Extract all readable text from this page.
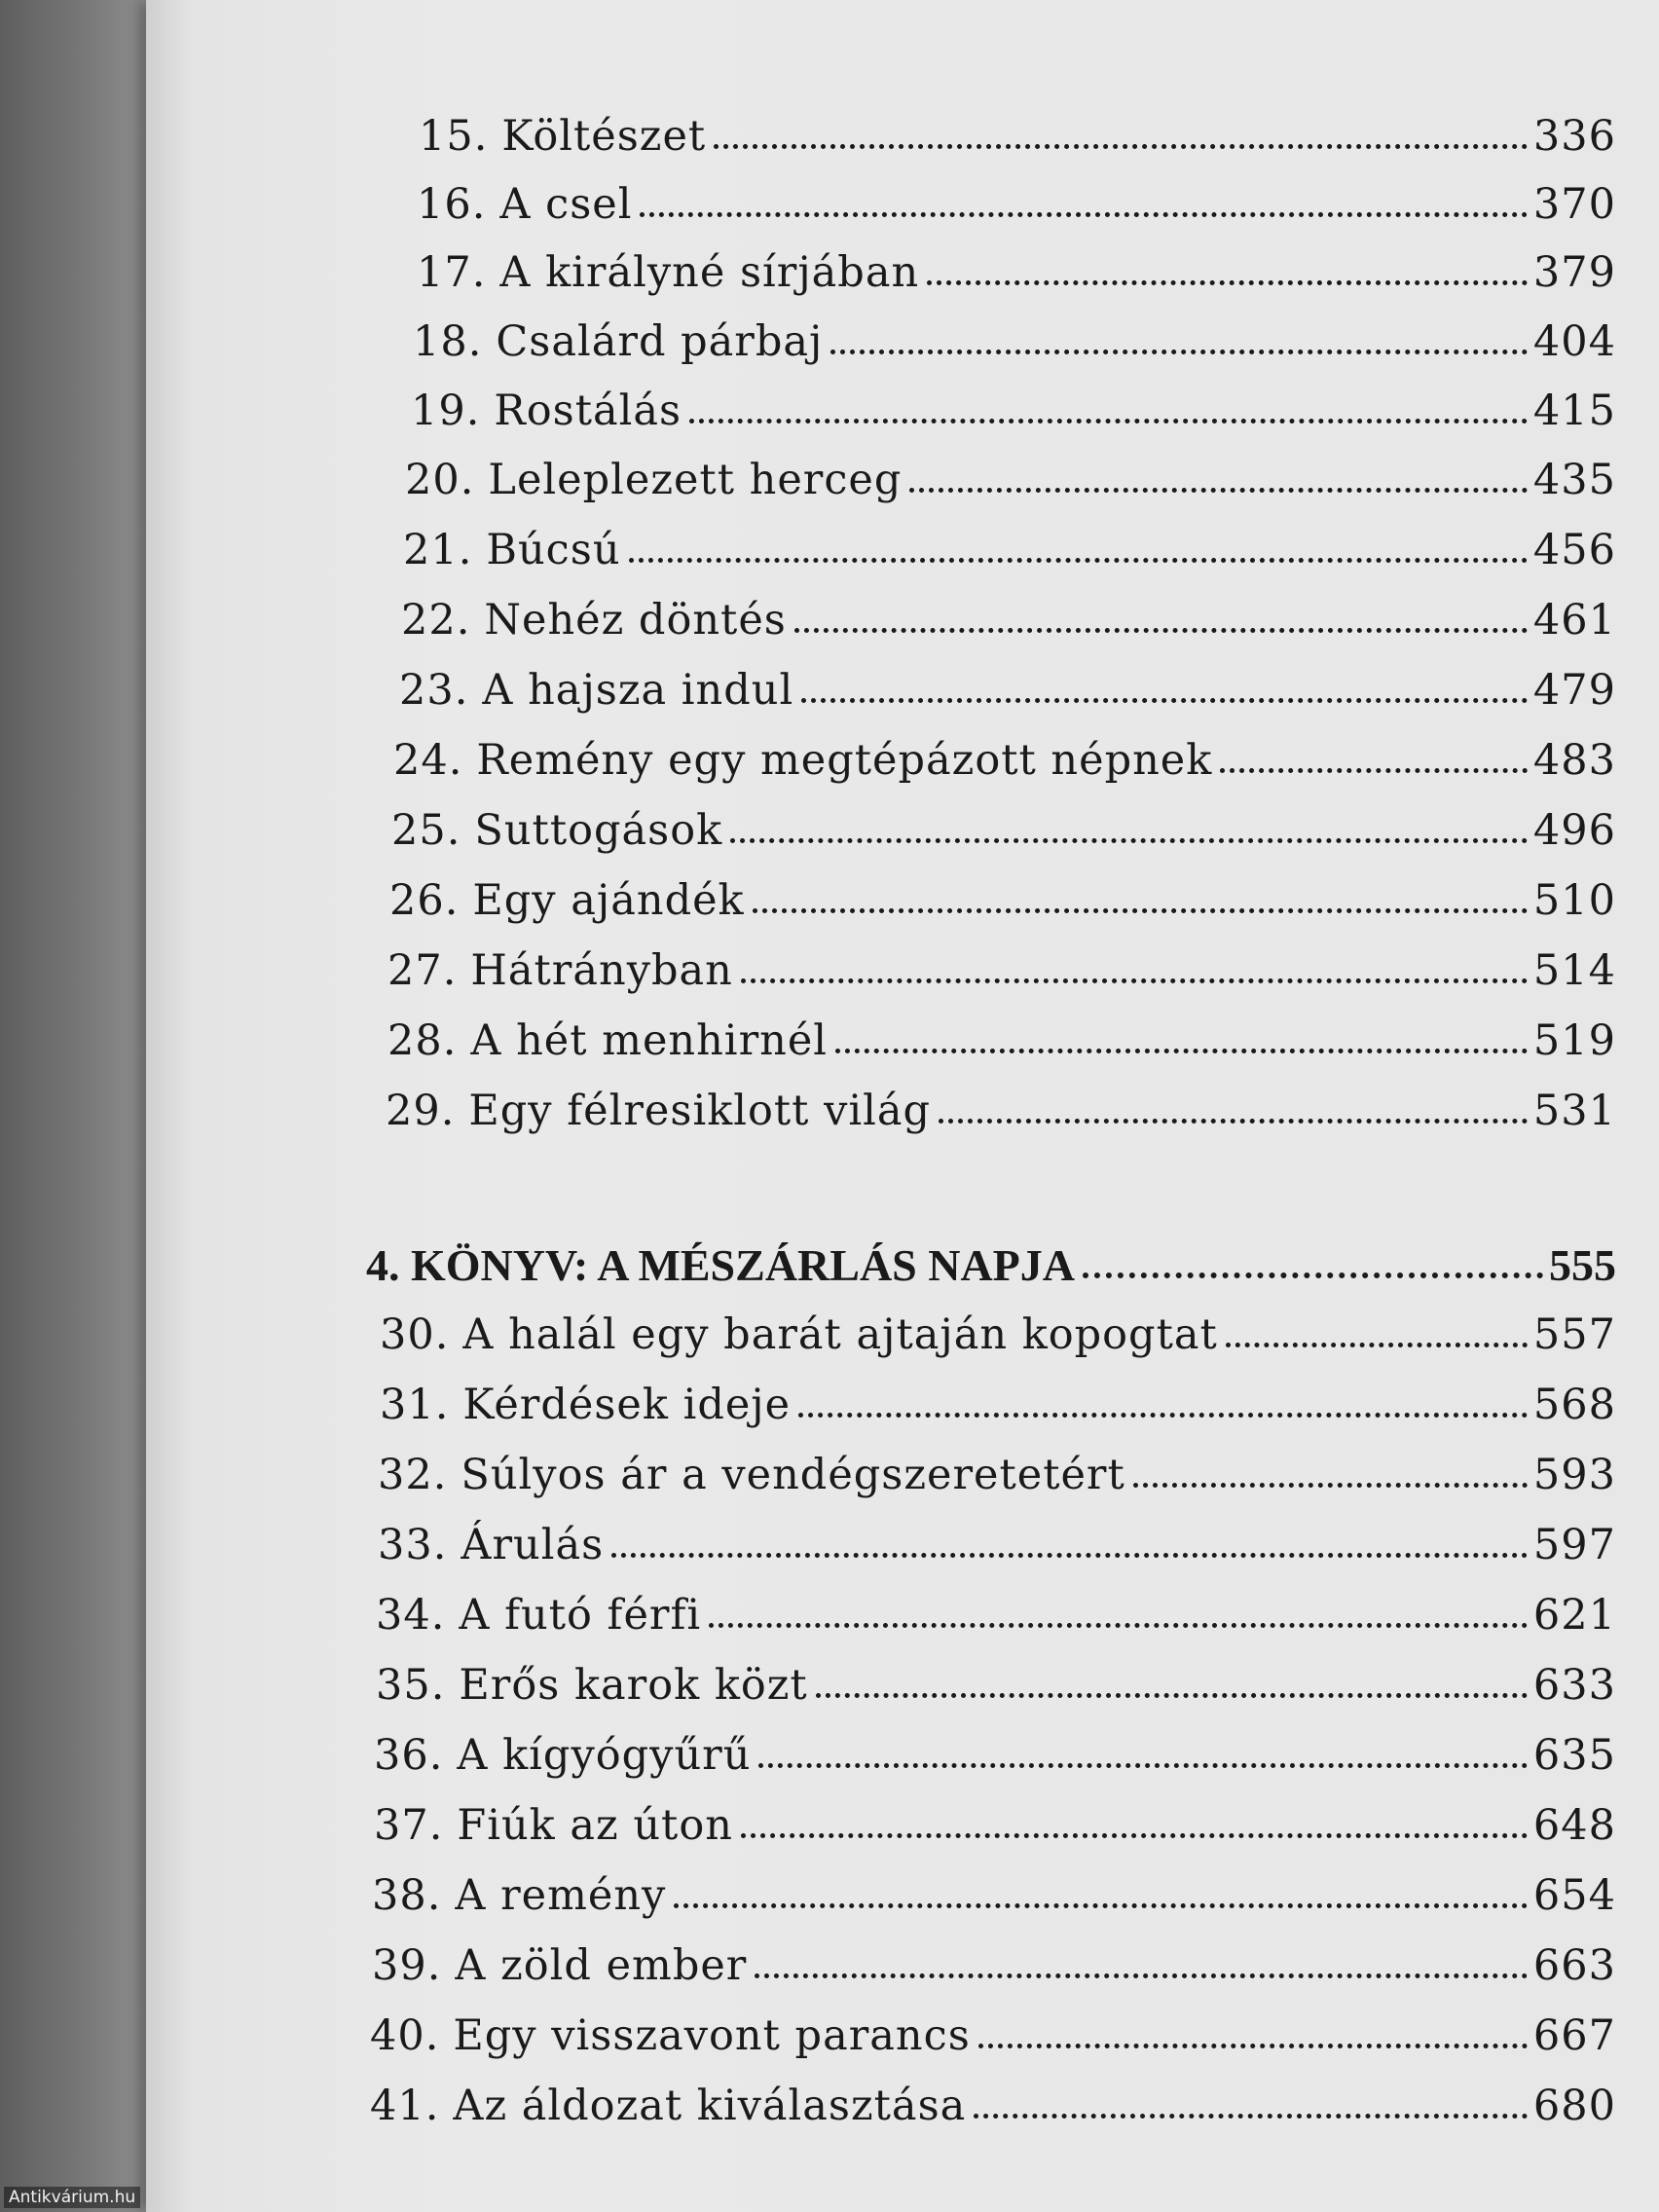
15. Költészet	336
16. A csel	370
17. A királyné sírjában	379
18. Csalárd párbaj	404
19. Rostálás	415
20. Leleplezett herceg	435
21. Búcsú	456
22. Nehéz döntés	461
23. A hajsza indul	479
24. Remény egy megtépázott népnek	483
25. Suttogások	496
26. Egy ajándék	510
27. Hátrányban	514
28. A hét menhirnél	519
29. Egy félresiklott világ	531
4. KÖNYV: A MÉSZÁRLÁS NAPJA	555
30. A halál egy barát ajtaján kopogtat	557
31. Kérdések ideje	568
32. Súlyos ár a vendégszeretetért	593
33. Árulás	597
34. A futó férfi	621
35. Erős karok közt	633
36. A kígyógyűrű	635
37. Fiúk az úton	648
38. A remény	654
39. A zöld ember	663
40. Egy visszavont parancs	667
41. Az áldozat kiválasztása	680
Antikvárium.hu
